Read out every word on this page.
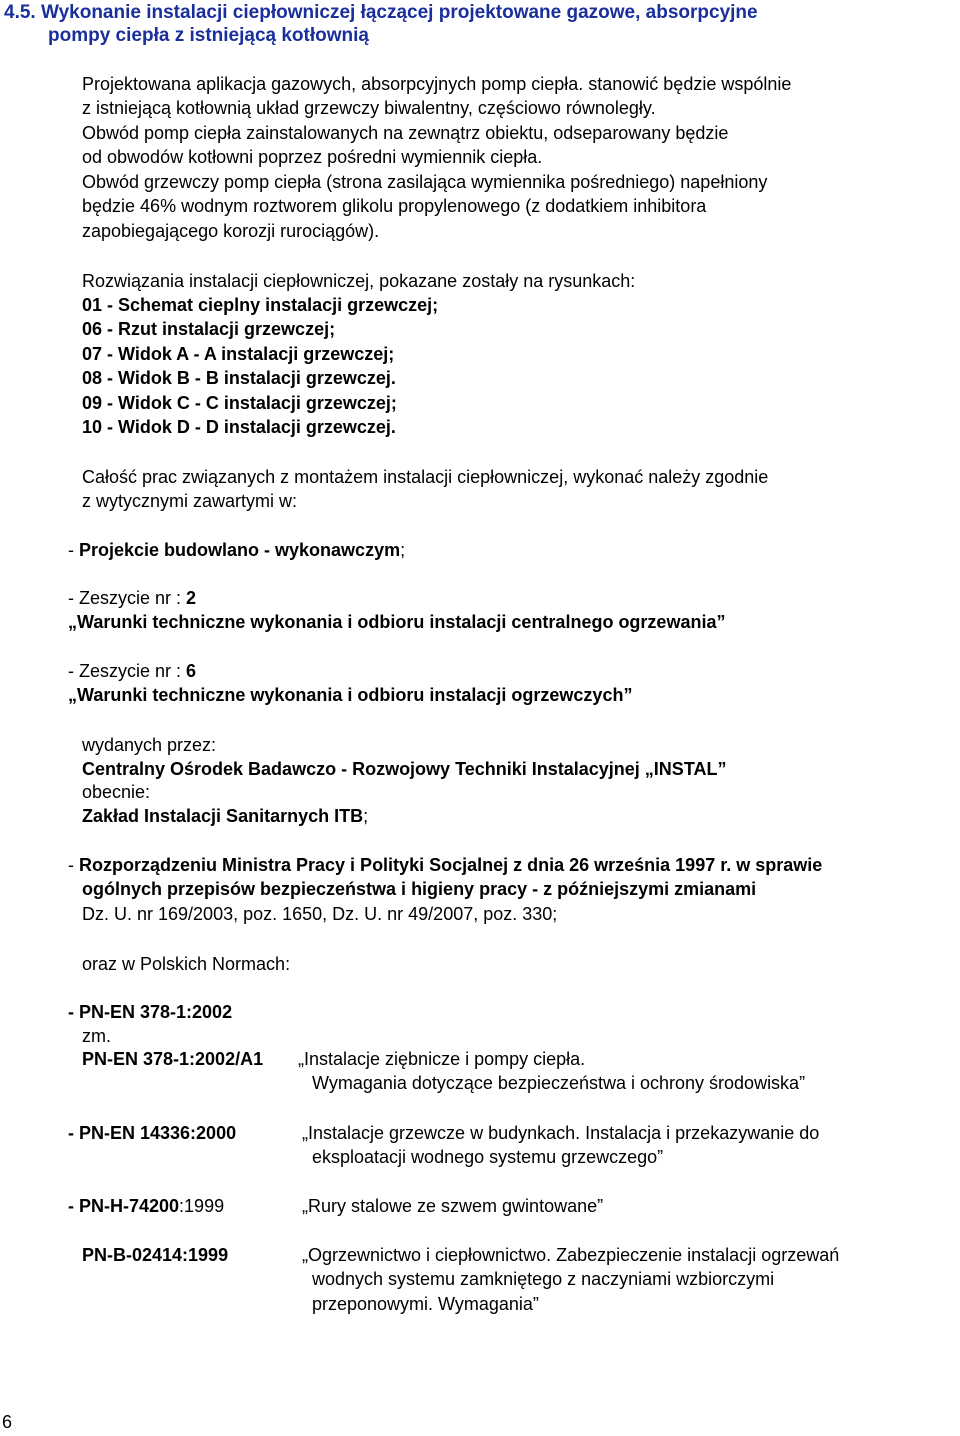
4.5. Wykonanie instalacji ciepłowniczej łączącej projektowane gazowe, absorpcyjne
pompy ciepła z istniejącą kotłownią
Projektowana aplikacja gazowych, absorpcyjnych pomp ciepła. stanowić będzie wspólnie
z istniejącą kotłownią układ grzewczy biwalentny, częściowo równoległy.
Obwód pomp ciepła zainstalowanych na zewnątrz obiektu, odseparowany będzie
od obwodów kotłowni poprzez pośredni wymiennik ciepła.
Obwód grzewczy pomp ciepła (strona zasilająca wymiennika pośredniego) napełniony
będzie 46% wodnym roztworem glikolu propylenowego (z dodatkiem inhibitora
zapobiegającego korozji rurociągów).
Rozwiązania instalacji ciepłowniczej, pokazane zostały na rysunkach:
01 - Schemat cieplny instalacji grzewczej;
06 - Rzut instalacji grzewczej;
07 - Widok A - A instalacji grzewczej;
08 - Widok B - B instalacji grzewczej.
09 - Widok C - C instalacji grzewczej;
10 - Widok D - D instalacji grzewczej.
Całość prac związanych z montażem instalacji ciepłowniczej, wykonać należy zgodnie
z wytycznymi zawartymi w:
- Projekcie budowlano - wykonawczym;
- Zeszycie nr : 2
„Warunki techniczne wykonania i odbioru instalacji centralnego ogrzewania”
- Zeszycie nr : 6
„Warunki techniczne wykonania i odbioru instalacji ogrzewczych”
wydanych przez:
Centralny Ośrodek Badawczo - Rozwojowy Techniki Instalacyjnej „INSTAL”
obecnie:
Zakład Instalacji Sanitarnych ITB;
- Rozporządzeniu Ministra Pracy i Polityki Socjalnej z dnia 26 września 1997 r. w sprawie
ogólnych przepisów bezpieczeństwa i higieny pracy - z późniejszymi zmianami
Dz. U. nr 169/2003, poz. 1650, Dz. U. nr 49/2007, poz. 330;
oraz w Polskich Normach:
- PN-EN 378-1:2002
zm.
PN-EN 378-1:2002/A1 „Instalacje ziębnicze i pompy ciepła.
Wymagania dotyczące bezpieczeństwa i ochrony środowiska”
- PN-EN 14336:2000	„Instalacje grzewcze w budynkach. Instalacja i przekazywanie do
eksploatacji wodnego systemu grzewczego”
- PN-H-74200:1999	„Rury stalowe ze szwem gwintowane”
PN-B-02414:1999	„Ogrzewnictwo i ciepłownictwo. Zabezpieczenie instalacji ogrzewań
wodnych systemu zamkniętego z naczyniami wzbiorczymi
przeponowymi. Wymagania”
6
